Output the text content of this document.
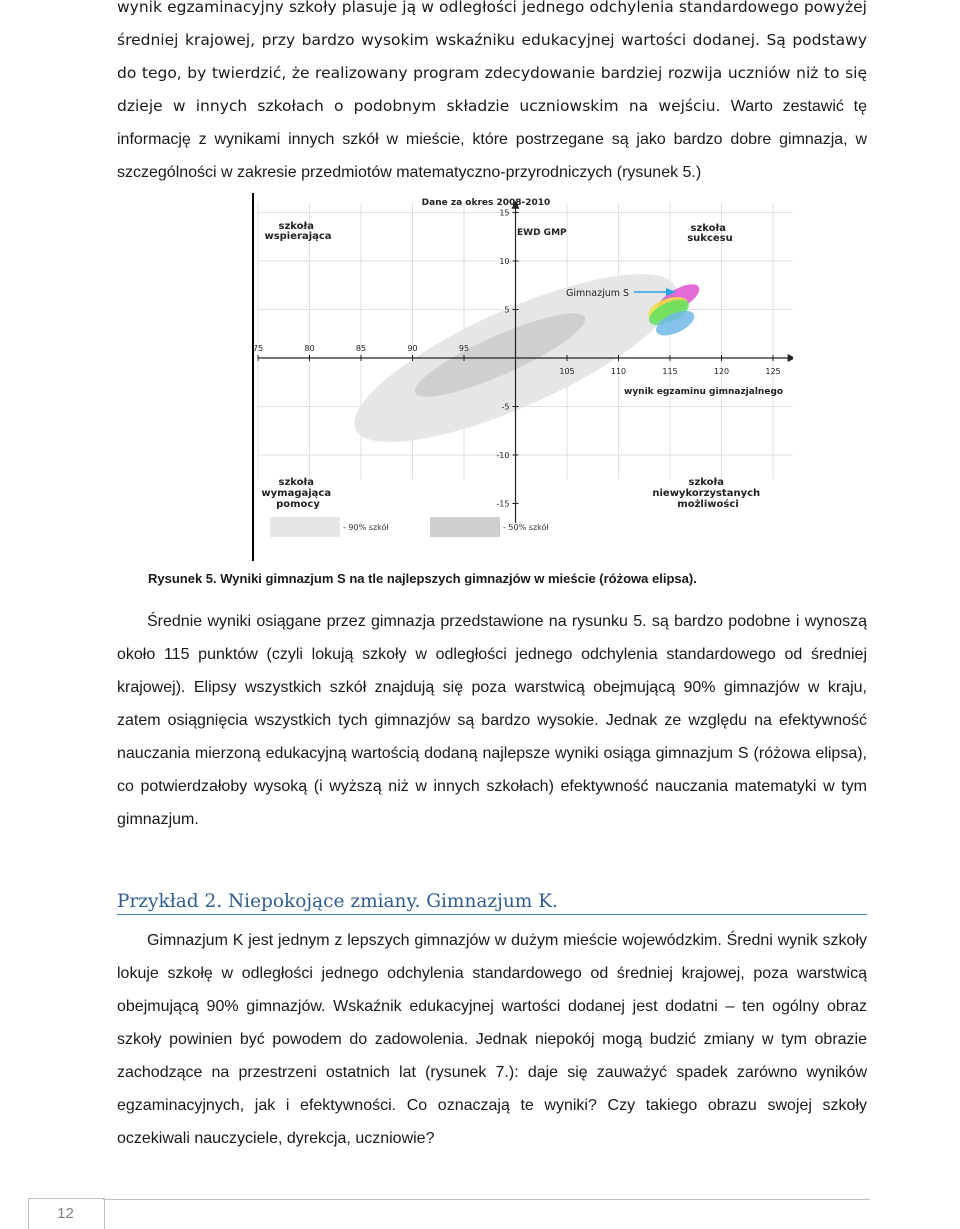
wynik egzaminacyjny szkoły plasuje ją w odległości jednego odchylenia standardowego powyżej średniej krajowej, przy bardzo wysokim wskaźniku edukacyjnej wartości dodanej. Są podstawy do tego, by twierdzić, że realizowany program zdecydowanie bardziej rozwija uczniów niż to się dzieje w innych szkołach o podobnym składzie uczniowskim na wejściu. Warto zestawić tę informację z wynikami innych szkół w mieście, które postrzegane są jako bardzo dobre gimnazja, w szczególności w zakresie przedmiotów matematyczno-przyrodniczych (rysunek 5.)

75	80	85	90	95
105	110	115	120	125
15
10
5
-5
-10
-15
Dane za okres 2008-2010
EWD GMP
wynik egzaminu gimnazjalnego
szkoła wspierająca
szkoła sukcesu
szkoła wymagająca pomocy
szkoła niewykorzystanych możliwości
Gimnazjum S
- 90% szkół	- 50% szkół

Rysunek 5. Wyniki gimnazjum S na tle najlepszych gimnazjów w mieście (różowa elipsa).

Średnie wyniki osiągane przez gimnazja przedstawione na rysunku 5. są bardzo podobne i wynoszą około 115 punktów (czyli lokują szkoły w odległości jednego odchylenia standardowego od średniej krajowej). Elipsy wszystkich szkół znajdują się poza warstwicą obejmującą 90% gimnazjów w kraju, zatem osiągnięcia wszystkich tych gimnazjów są bardzo wysokie. Jednak ze względu na efektywność nauczania mierzoną edukacyjną wartością dodaną najlepsze wyniki osiąga gimnazjum S (różowa elipsa), co potwierdzałoby wysoką (i wyższą niż w innych szkołach) efektywność nauczania matematyki w tym gimnazjum.

Przykład 2. Niepokojące zmiany. Gimnazjum K.

Gimnazjum K jest jednym z lepszych gimnazjów w dużym mieście wojewódzkim. Średni wynik szkoły lokuje szkołę w odległości jednego odchylenia standardowego od średniej krajowej, poza warstwicą obejmującą 90% gimnazjów. Wskaźnik edukacyjnej wartości dodanej jest dodatni – ten ogólny obraz szkoły powinien być powodem do zadowolenia. Jednak niepokój mogą budzić zmiany w tym obrazie zachodzące na przestrzeni ostatnich lat (rysunek 7.): daje się zauważyć spadek zarówno wyników egzaminacyjnych, jak i efektywności. Co oznaczają te wyniki? Czy takiego obrazu swojej szkoły oczekiwali nauczyciele, dyrekcja, uczniowie?

12
